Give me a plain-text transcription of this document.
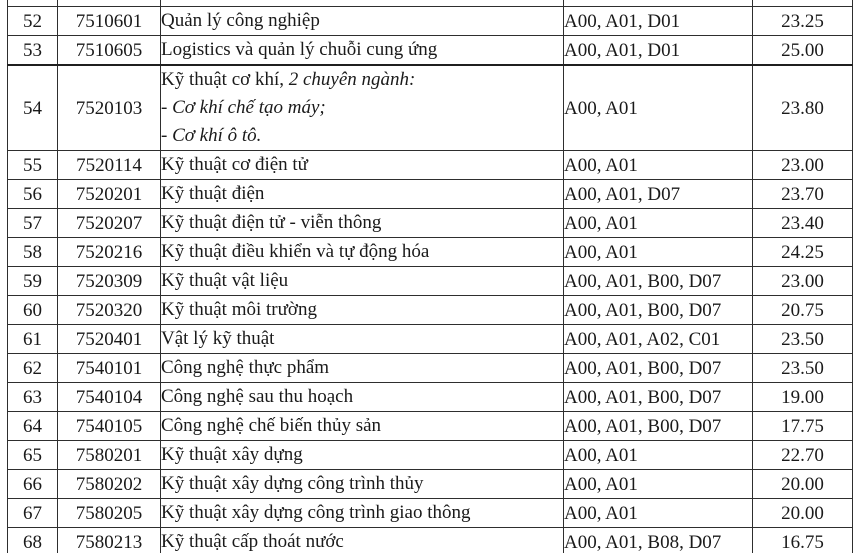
52	7510601	Quản lý công nghiệp	A00, A01, D01	23.25
53	7510605	Logistics và quản lý chuỗi cung ứng	A00, A01, D01	25.00
54	7520103	Kỹ thuật cơ khí, 2 chuyên ngành:
- Cơ khí chế tạo máy;
- Cơ khí ô tô.	A00, A01	23.80
55	7520114	Kỹ thuật cơ điện tử	A00, A01	23.00
56	7520201	Kỹ thuật điện	A00, A01, D07	23.70
57	7520207	Kỹ thuật điện tử - viễn thông	A00, A01	23.40
58	7520216	Kỹ thuật điều khiển và tự động hóa	A00, A01	24.25
59	7520309	Kỹ thuật vật liệu	A00, A01, B00, D07	23.00
60	7520320	Kỹ thuật môi trường	A00, A01, B00, D07	20.75
61	7520401	Vật lý kỹ thuật	A00, A01, A02, C01	23.50
62	7540101	Công nghệ thực phẩm	A00, A01, B00, D07	23.50
63	7540104	Công nghệ sau thu hoạch	A00, A01, B00, D07	19.00
64	7540105	Công nghệ chế biến thủy sản	A00, A01, B00, D07	17.75
65	7580201	Kỹ thuật xây dựng	A00, A01	22.70
66	7580202	Kỹ thuật xây dựng công trình thủy	A00, A01	20.00
67	7580205	Kỹ thuật xây dựng công trình giao thông	A00, A01	20.00
68	7580213	Kỹ thuật cấp thoát nước	A00, A01, B08, D07	16.75
